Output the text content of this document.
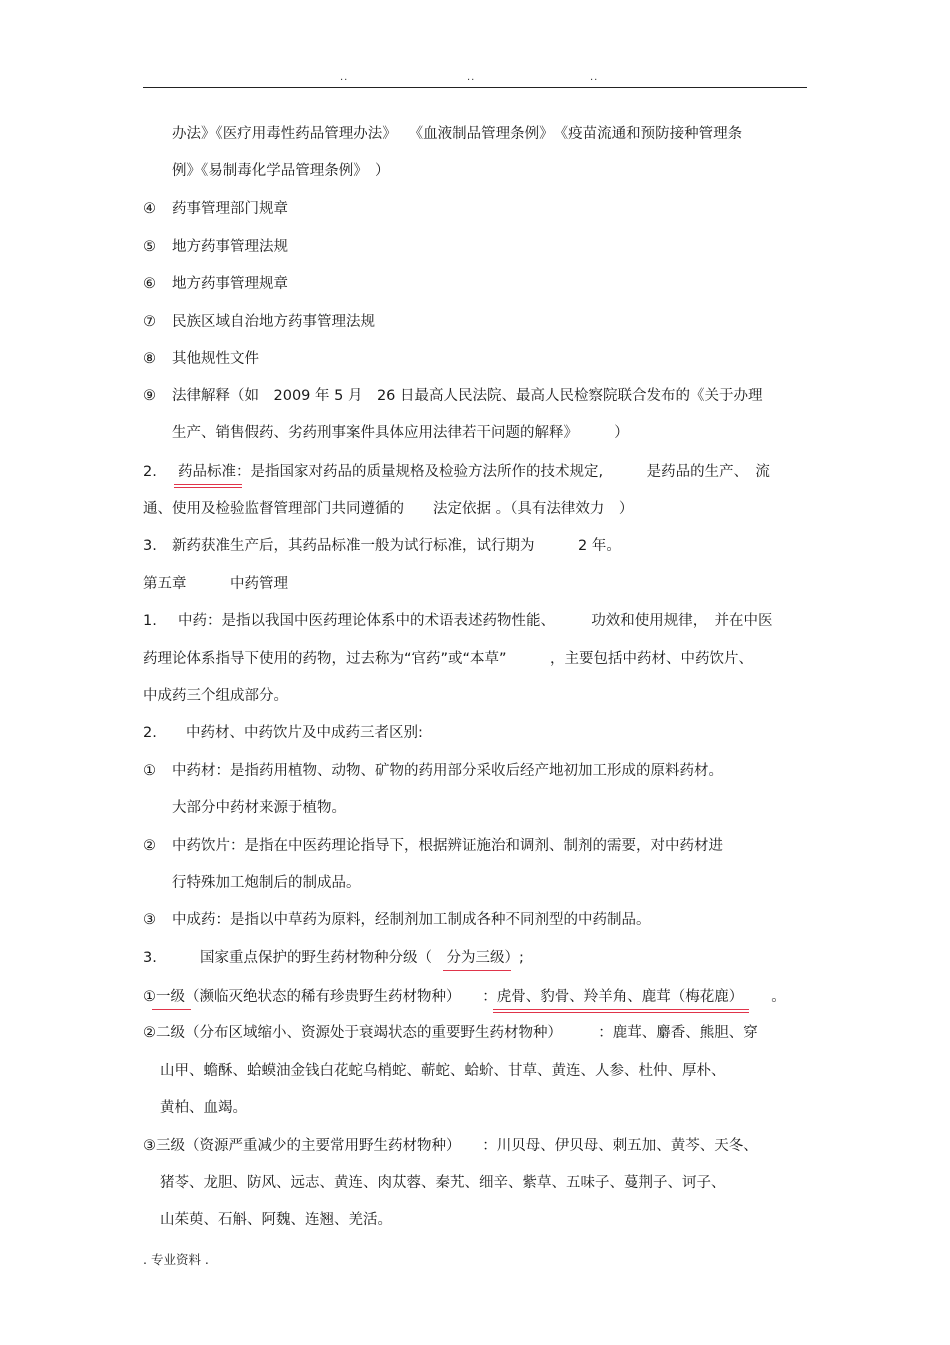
..	..	..
办法》《医疗用毒性药品管理办法》　 《血液制品管理条例》　《疫苗流通和预防接种管理条
例》《易制毒化学品管理条例》　）
④ 药事管理部门规章
⑤ 地方药事管理法规
⑥ 地方药事管理规章
⑦ 民族区域自治地方药事管理法规
⑧ 其他规性文件
⑨ 法律解释（如　2009 年 5 月　26 日最高人民法院、最高人民检察院联合发布的《关于办理
生产、销售假药、劣药刑事案件具体应用法律若干问题的解释》　　　）
2. 药品标准：是指国家对药品的质量规格及检验方法所作的技术规定,　　　是药品的生产、　流
通、使用及检验监督管理部门共同遵循的　　法定依据 。（具有法律效力　）
3. 新药获准生产后，其药品标准一般为试行标准，试行期为　　　2 年。
第五章　　　中药管理
1. 中药：是指以我国中医药理论体系中的术语表述药物性能、　　　功效和使用规律，　并在中医
药理论体系指导下使用的药物，过去称为“官药”或“本草”　　　，主要包括中药材、中药饮片、
中成药三个组成部分。
2. 中药材、中药饮片及中成药三者区别:
① 中药材：是指药用植物、动物、矿物的药用部分采收后经产地初加工形成的原料药材。
大部分中药材来源于植物。
② 中药饮片：是指在中医药理论指导下，根据辨证施治和调剂、制剂的需要，对中药材进
行特殊加工炮制后的制成品。
③ 中成药：是指以中草药为原料，经制剂加工制成各种不同剂型的中药制品。
3.	国家重点保护的野生药材物种分级（　分为三级）;
①一级（濒临灭绝状态的稀有珍贵野生药材物种）　　：虎骨、豹骨、羚羊角、鹿茸（梅花鹿） 。
②二级（分布区域缩小、资源处于衰竭状态的重要野生药材物种）　　　：鹿茸、麝香、熊胆、穿
山甲、蟾酥、蛤蟆油金钱白花蛇乌梢蛇、蕲蛇、蛤蚧、甘草、黄连、人参、杜仲、厚朴、
黄柏、血竭。
③三级（资源严重减少的主要常用野生药材物种）　　：川贝母、伊贝母、刺五加、黄芩、天冬、
猪苓、龙胆、防风、远志、黄连、肉苁蓉、秦艽、细辛、紫草、五味子、蔓荆子、诃子、
山茱萸、石斛、阿魏、连翘、羌活。
. 专业资料 .
